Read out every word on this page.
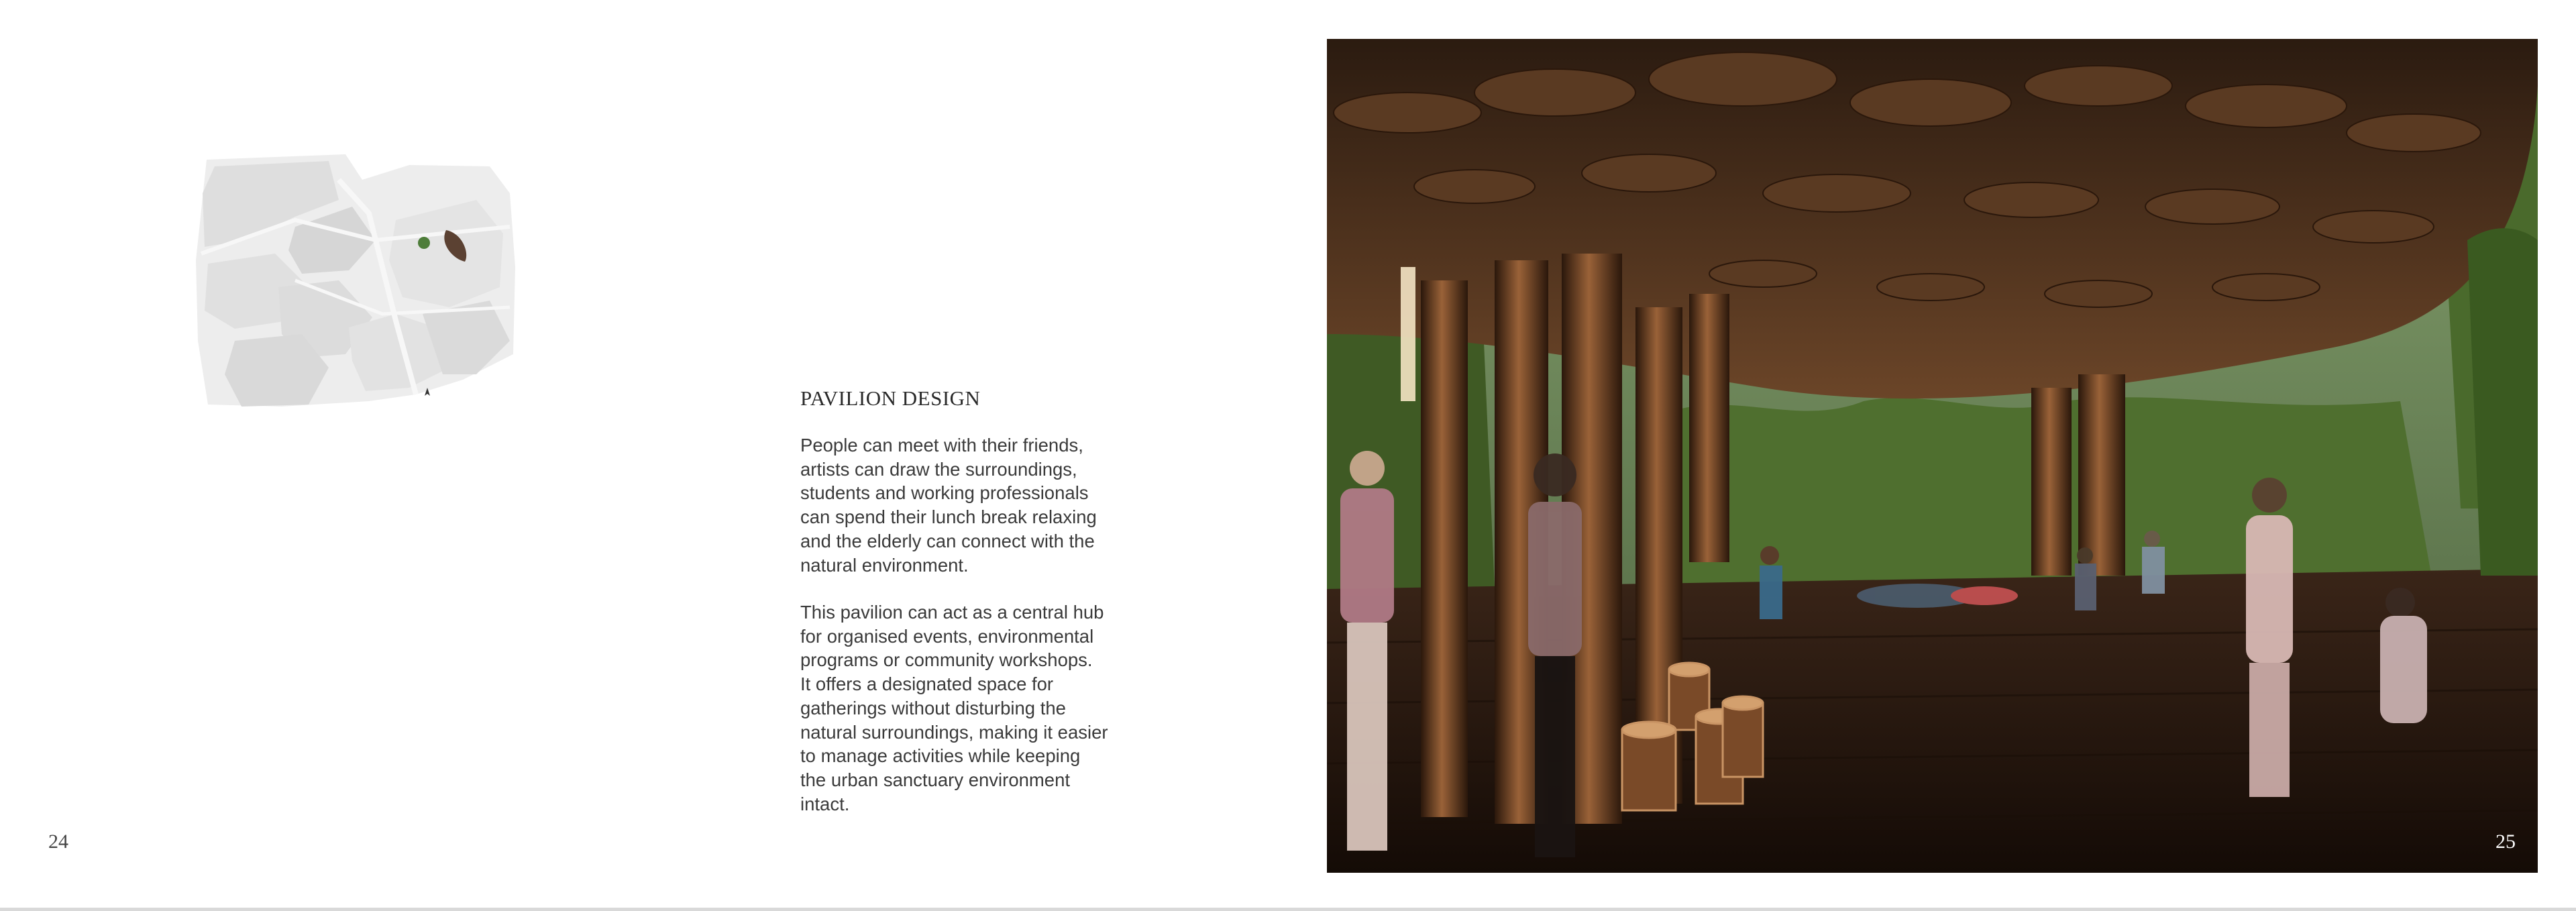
24
PAVILION DESIGN

People can meet with their friends,
artists can draw the surroundings,
students and working professionals
can spend their lunch break relaxing
and the elderly can connect with the
natural environment.

This pavilion can act as a central hub
for organised events, environmental
programs or community workshops.
It offers a designated space for
gatherings without disturbing the
natural surroundings, making it easier
to manage activities while keeping
the urban sanctuary environment
intact.

25
